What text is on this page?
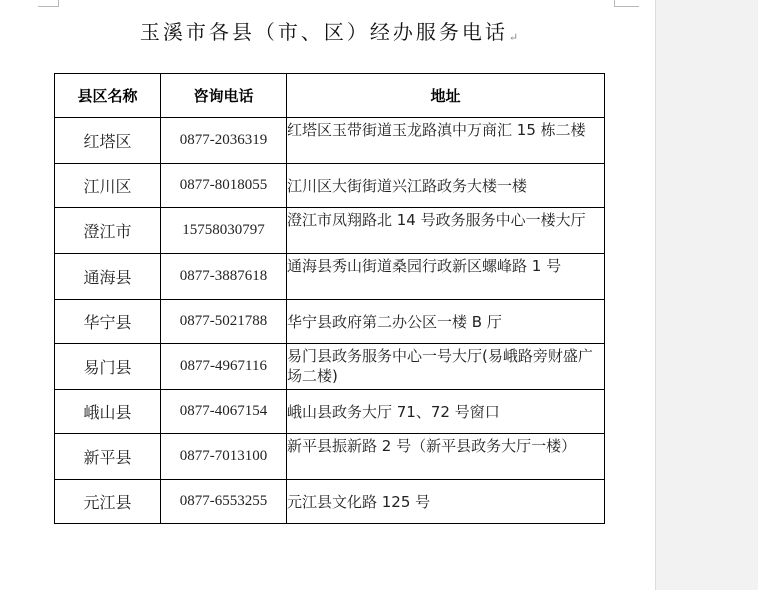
玉溪市各县（市、区）经办服务电话↵
县区名称	咨询电话	地址
红塔区	0877-2036319	红塔区玉带街道玉龙路滇中万商汇 15 栋二楼
江川区	0877-8018055	江川区大街街道兴江路政务大楼一楼
澄江市	15758030797	澄江市凤翔路北 14 号政务服务中心一楼大厅
通海县	0877-3887618	通海县秀山街道桑园行政新区螺峰路 1 号
华宁县	0877-5021788	华宁县政府第二办公区一楼 B 厅
易门县	0877-4967116	易门县政务服务中心一号大厅(易峨路旁财盛广场二楼)
峨山县	0877-4067154	峨山县政务大厅 71、72 号窗口
新平县	0877-7013100	新平县振新路 2 号（新平县政务大厅一楼）
元江县	0877-6553255	元江县文化路 125 号
